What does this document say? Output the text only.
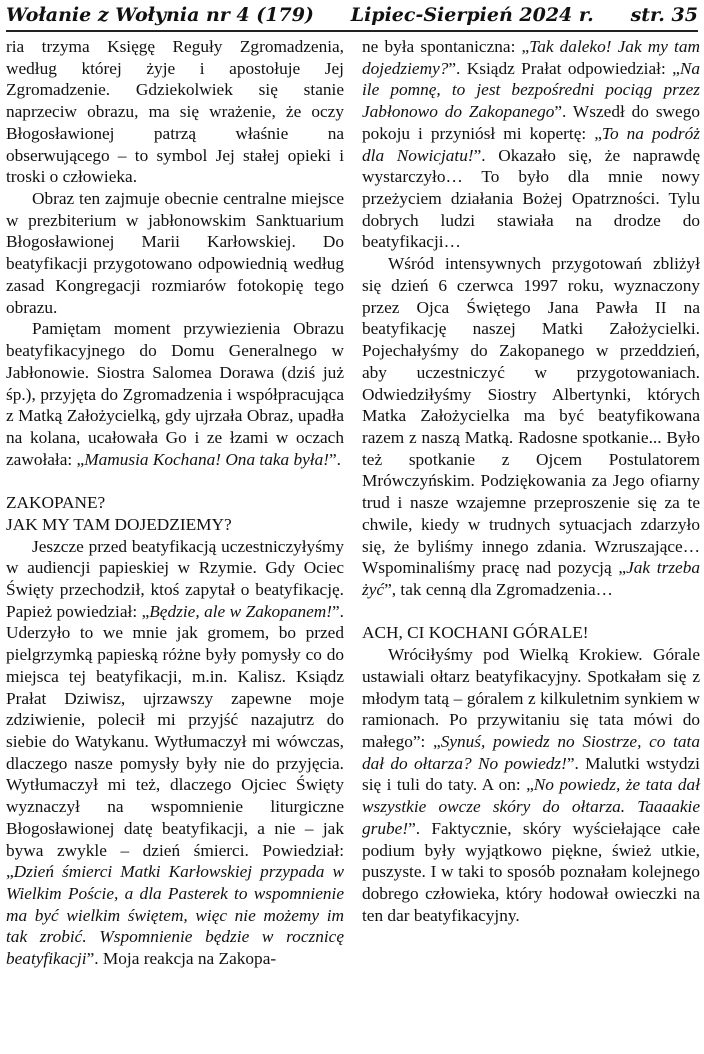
Wołanie z Wołynia nr 4 (179) Lipiec-Sierpień 2024 r. str. 35

ria trzyma Księgę Reguły Zgromadzenia, według której żyje i apostołuje Jej Zgromadzenie. Gdziekolwiek się stanie naprzeciw obrazu, ma się wrażenie, że oczy Błogosławionej patrzą właśnie na obserwującego – to symbol Jej stałej opieki i troski o człowieka.

Obraz ten zajmuje obecnie centralne miejsce w prezbiterium w jabłonowskim Sanktuarium Błogosławionej Marii Karłowskiej. Do beatyfikacji przygotowano odpowiednią według zasad Kongregacji rozmiarów fotokopię tego obrazu.

Pamiętam moment przywiezienia Obrazu beatyfikacyjnego do Domu Generalnego w Jabłonowie. Siostra Salomea Dorawa (dziś już śp.), przyjęta do Zgromadzenia i współpracująca z Matką Założycielką, gdy ujrzała Obraz, upadła na kolana, ucałowała Go i ze łzami w oczach zawołała: „Mamusia Kochana! Ona taka była!”.

ZAKOPANE?
JAK MY TAM DOJEDZIEMY?

Jeszcze przed beatyfikacją uczestniczyłyśmy w audiencji papieskiej w Rzymie. Gdy Ociec Święty przechodził, ktoś zapytał o beatyfikację. Papież powiedział: „Będzie, ale w Zakopanem!”. Uderzyło to we mnie jak gromem, bo przed pielgrzymką papieską różne były pomysły co do miejsca tej beatyfikacji, m.in. Kalisz. Ksiądz Prałat Dziwisz, ujrzawszy zapewne moje zdziwienie, polecił mi przyjść nazajutrz do siebie do Watykanu. Wytłumaczył mi wówczas, dlaczego nasze pomysły były nie do przyjęcia. Wytłumaczył mi też, dlaczego Ojciec Święty wyznaczył na wspomnienie liturgiczne Błogosławionej datę beatyfikacji, a nie – jak bywa zwykle – dzień śmierci. Powiedział: „Dzień śmierci Matki Karłowskiej przypada w Wielkim Poście, a dla Pasterek to wspomnienie ma być wielkim świętem, więc nie możemy im tak zrobić. Wspomnienie będzie w rocznicę beatyfikacji”. Moja reakcja na Zakopa-

ne była spontaniczna: „Tak daleko! Jak my tam dojedziemy?”. Ksiądz Prałat odpowiedział: „Na ile pomnę, to jest bezpośredni pociąg przez Jabłonowo do Zakopanego”. Wszedł do swego pokoju i przyniósł mi kopertę: „To na podróż dla Nowicjatu!”. Okazało się, że naprawdę wystarczyło… To było dla mnie nowy przeżyciem działania Bożej Opatrzności. Tylu dobrych ludzi stawiała na drodze do beatyfikacji…

Wśród intensywnych przygotowań zbliżył się dzień 6 czerwca 1997 roku, wyznaczony przez Ojca Świętego Jana Pawła II na beatyfikację naszej Matki Założycielki. Pojechałyśmy do Zakopanego w przeddzień, aby uczestniczyć w przygotowaniach. Odwiedziłyśmy Siostry Albertynki, których Matka Założycielka ma być beatyfikowana razem z naszą Matką. Radosne spotkanie... Było też spotkanie z Ojcem Postulatorem Mrówczyńskim. Podziękowania za Jego ofiarny trud i nasze wzajemne przeproszenie się za te chwile, kiedy w trudnych sytuacjach zdarzyło się, że byliśmy innego zdania. Wzruszające… Wspominaliśmy pracę nad pozycją „Jak trzeba żyć”, tak cenną dla Zgromadzenia…

ACH, CI KOCHANI GÓRALE!

Wróciłyśmy pod Wielką Krokiew. Górale ustawiali ołtarz beatyfikacyjny. Spotkałam się z młodym tatą – góralem z kilkuletnim synkiem w ramionach. Po przywitaniu się tata mówi do małego”: „Synuś, powiedz no Siostrze, co tata dał do ołtarza? No powiedz!”. Malutki wstydzi się i tuli do taty. A on: „No powiedz, że tata dał wszystkie owcze skóry do ołtarza. Taaaakie grube!”. Faktycznie, skóry wyściełające całe podium były wyjątkowo piękne, śwież utkie, puszyste. I w taki to sposób poznałam kolejnego dobrego człowieka, który hodował owieczki na ten dar beatyfikacyjny.
